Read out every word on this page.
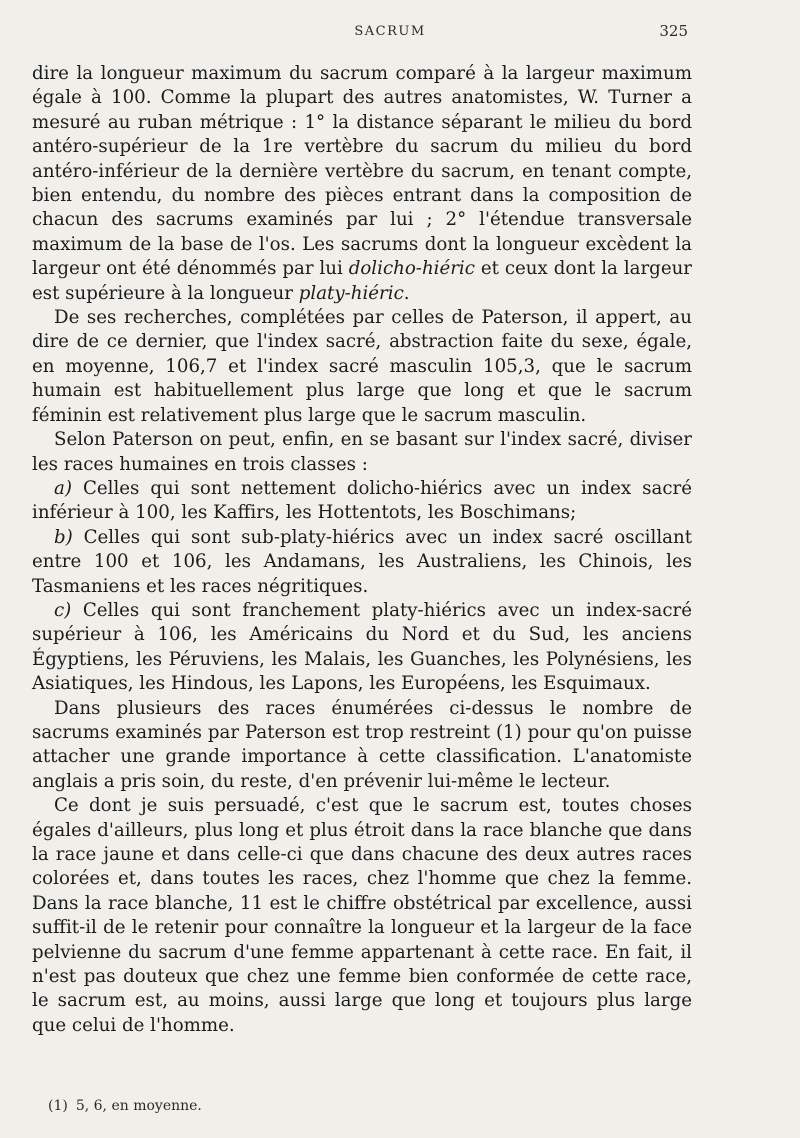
SACRUM	325

dire la longueur maximum du sacrum comparé à la largeur maximum égale à 100. Comme la plupart des autres anatomistes, W. Turner a mesuré au ruban métrique : 1° la distance séparant le milieu du bord antéro-supérieur de la 1re vertèbre du sacrum du milieu du bord antéro-inférieur de la dernière vertèbre du sacrum, en tenant compte, bien entendu, du nombre des pièces entrant dans la composition de chacun des sacrums examinés par lui ; 2° l'étendue transversale maximum de la base de l'os. Les sacrums dont la longueur excèdent la largeur ont été dénommés par lui dolicho-hiéric et ceux dont la largeur est supérieure à la longueur platy-hiéric.

De ses recherches, complétées par celles de Paterson, il appert, au dire de ce dernier, que l'index sacré, abstraction faite du sexe, égale, en moyenne, 106,7 et l'index sacré masculin 105,3, que le sacrum humain est habituellement plus large que long et que le sacrum féminin est relativement plus large que le sacrum masculin.

Selon Paterson on peut, enfin, en se basant sur l'index sacré, diviser les races humaines en trois classes :

a) Celles qui sont nettement dolicho-hiérics avec un index sacré inférieur à 100, les Kaffirs, les Hottentots, les Boschimans;

b) Celles qui sont sub-platy-hiérics avec un index sacré oscillant entre 100 et 106, les Andamans, les Australiens, les Chinois, les Tasmaniens et les races négritiques.

c) Celles qui sont franchement platy-hiérics avec un index-sacré supérieur à 106, les Américains du Nord et du Sud, les anciens Égyptiens, les Péruviens, les Malais, les Guanches, les Polynésiens, les Asiatiques, les Hindous, les Lapons, les Européens, les Esquimaux.

Dans plusieurs des races énumérées ci-dessus le nombre de sacrums examinés par Paterson est trop restreint (1) pour qu'on puisse attacher une grande importance à cette classification. L'anatomiste anglais a pris soin, du reste, d'en prévenir lui-même le lecteur.

Ce dont je suis persuadé, c'est que le sacrum est, toutes choses égales d'ailleurs, plus long et plus étroit dans la race blanche que dans la race jaune et dans celle-ci que dans chacune des deux autres races colorées et, dans toutes les races, chez l'homme que chez la femme. Dans la race blanche, 11 est le chiffre obstétrical par excellence, aussi suffit-il de le retenir pour connaître la longueur et la largeur de la face pelvienne du sacrum d'une femme appartenant à cette race. En fait, il n'est pas douteux que chez une femme bien conformée de cette race, le sacrum est, au moins, aussi large que long et toujours plus large que celui de l'homme.

(1) 5, 6, en moyenne.
